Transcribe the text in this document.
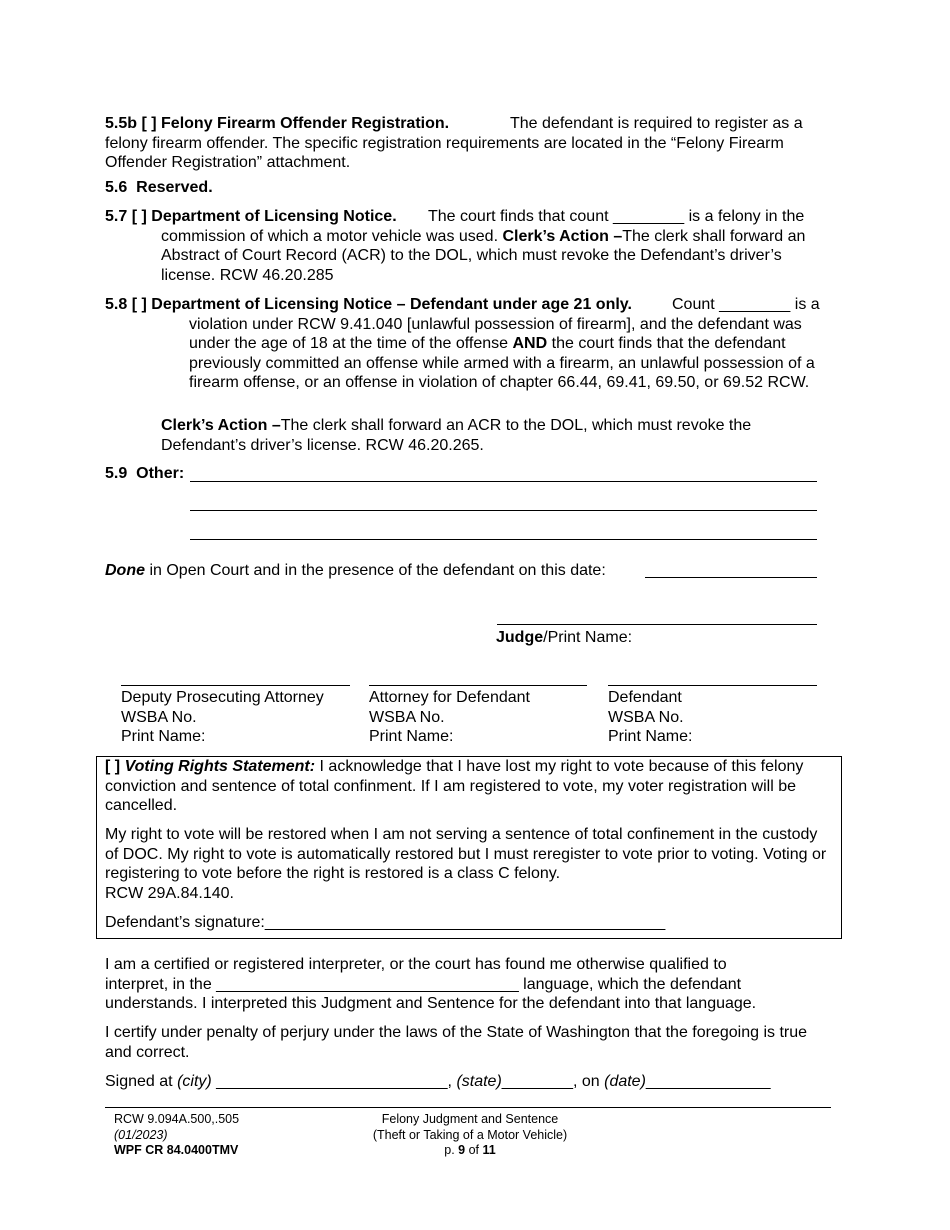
5.5b [ ] Felony Firearm Offender Registration.	The defendant is required to register as a felony firearm offender. The specific registration requirements are located in the “Felony Firearm Offender Registration” attachment.

5.6 Reserved.
5.7 [ ] Department of Licensing Notice.	The court finds that count ________ is a felony in the commission of which a motor vehicle was used. Clerk’s Action –The clerk shall forward an Abstract of Court Record (ACR) to the DOL, which must revoke the Defendant’s driver’s license. RCW 46.20.285

5.8 [ ] Department of Licensing Notice – Defendant under age 21 only.	Count ________ is a violation under RCW 9.41.040 [unlawful possession of firearm], and the defendant was under the age of 18 at the time of the offense AND the court finds that the defendant previously committed an offense while armed with a firearm, an unlawful possession of a firearm offense, or an offense in violation of chapter 66.44, 69.41, 69.50, or 69.52 RCW.

Clerk’s Action –The clerk shall forward an ACR to the DOL, which must revoke the Defendant’s driver’s license. RCW 46.20.265.
5.9 Other:
Done in Open Court and in the presence of the defendant on this date:
Judge/Print Name:
Deputy Prosecuting Attorney
WSBA No.
Print Name:
Attorney for Defendant
WSBA No.
Print Name:
Defendant
WSBA No.
Print Name:
[ ] Voting Rights Statement: I acknowledge that I have lost my right to vote because of this felony conviction and sentence of total confinment. If I am registered to vote, my voter registration will be cancelled.
My right to vote will be restored when I am not serving a sentence of total confinement in the custody of DOC. My right to vote is automatically restored but I must reregister to vote prior to voting. Voting or registering to vote before the right is restored is a class C felony.
RCW 29A.84.140.
Defendant’s signature:_____________________________________________
I am a certified or registered interpreter, or the court has found me otherwise qualified to
interpret, in the __________________________________ language, which the defendant
understands. I interpreted this Judgment and Sentence for the defendant into that language.
I certify under penalty of perjury under the laws of the State of Washington that the foregoing is true and correct.
Signed at (city) __________________________, (state)________, on (date)______________
RCW 9.094A.500,.505
(01/2023)
WPF CR 84.0400TMV
Felony Judgment and Sentence
(Theft or Taking of a Motor Vehicle)
p. 9 of 11
